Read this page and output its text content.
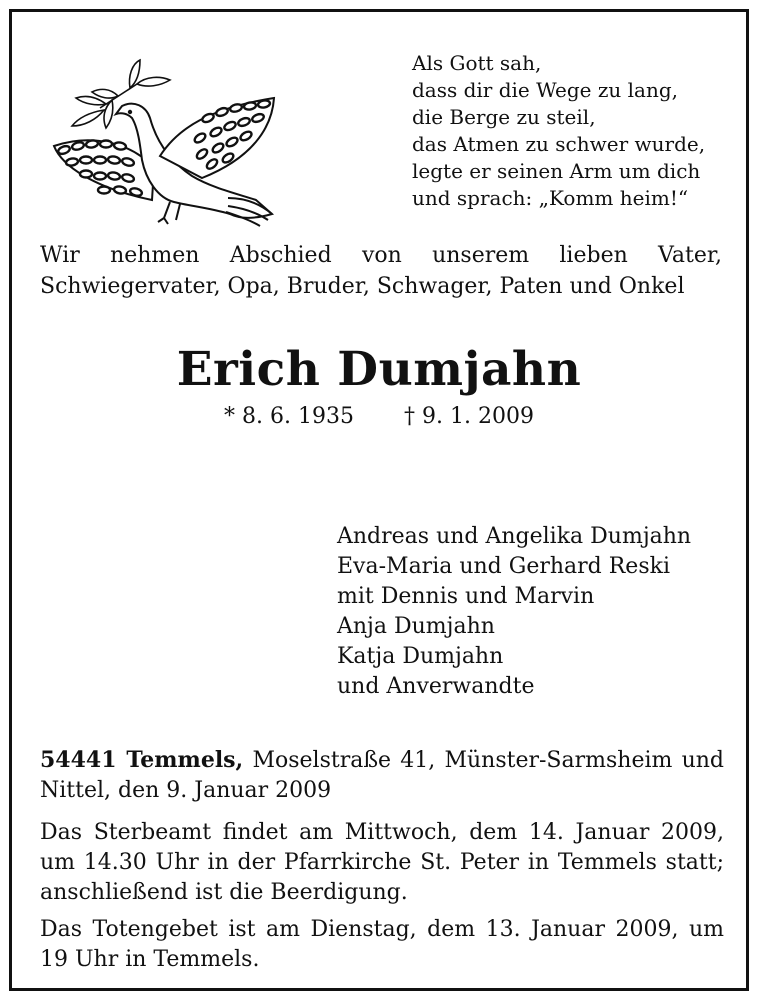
Als Gott sah,
dass dir die Wege zu lang,
die Berge zu steil,
das Atmen zu schwer wurde,
legte er seinen Arm um dich
und sprach: „Komm heim!“
Wir nehmen Abschied von unserem lieben Vater,
Schwiegervater, Opa, Bruder, Schwager, Paten und Onkel
Erich Dumjahn
* 8. 6. 1935 † 9. 1. 2009
Andreas und Angelika Dumjahn
Eva-Maria und Gerhard Reski
mit Dennis und Marvin
Anja Dumjahn
Katja Dumjahn
und Anverwandte
54441 Temmels, Moselstraße 41, Münster-Sarmsheim und Nittel, den 9. Januar 2009
Das Sterbeamt findet am Mittwoch, dem 14. Januar 2009, um 14.30 Uhr in der Pfarrkirche St. Peter in Temmels statt; anschließend ist die Beerdigung.
Das Totengebet ist am Dienstag, dem 13. Januar 2009, um 19 Uhr in Temmels.
